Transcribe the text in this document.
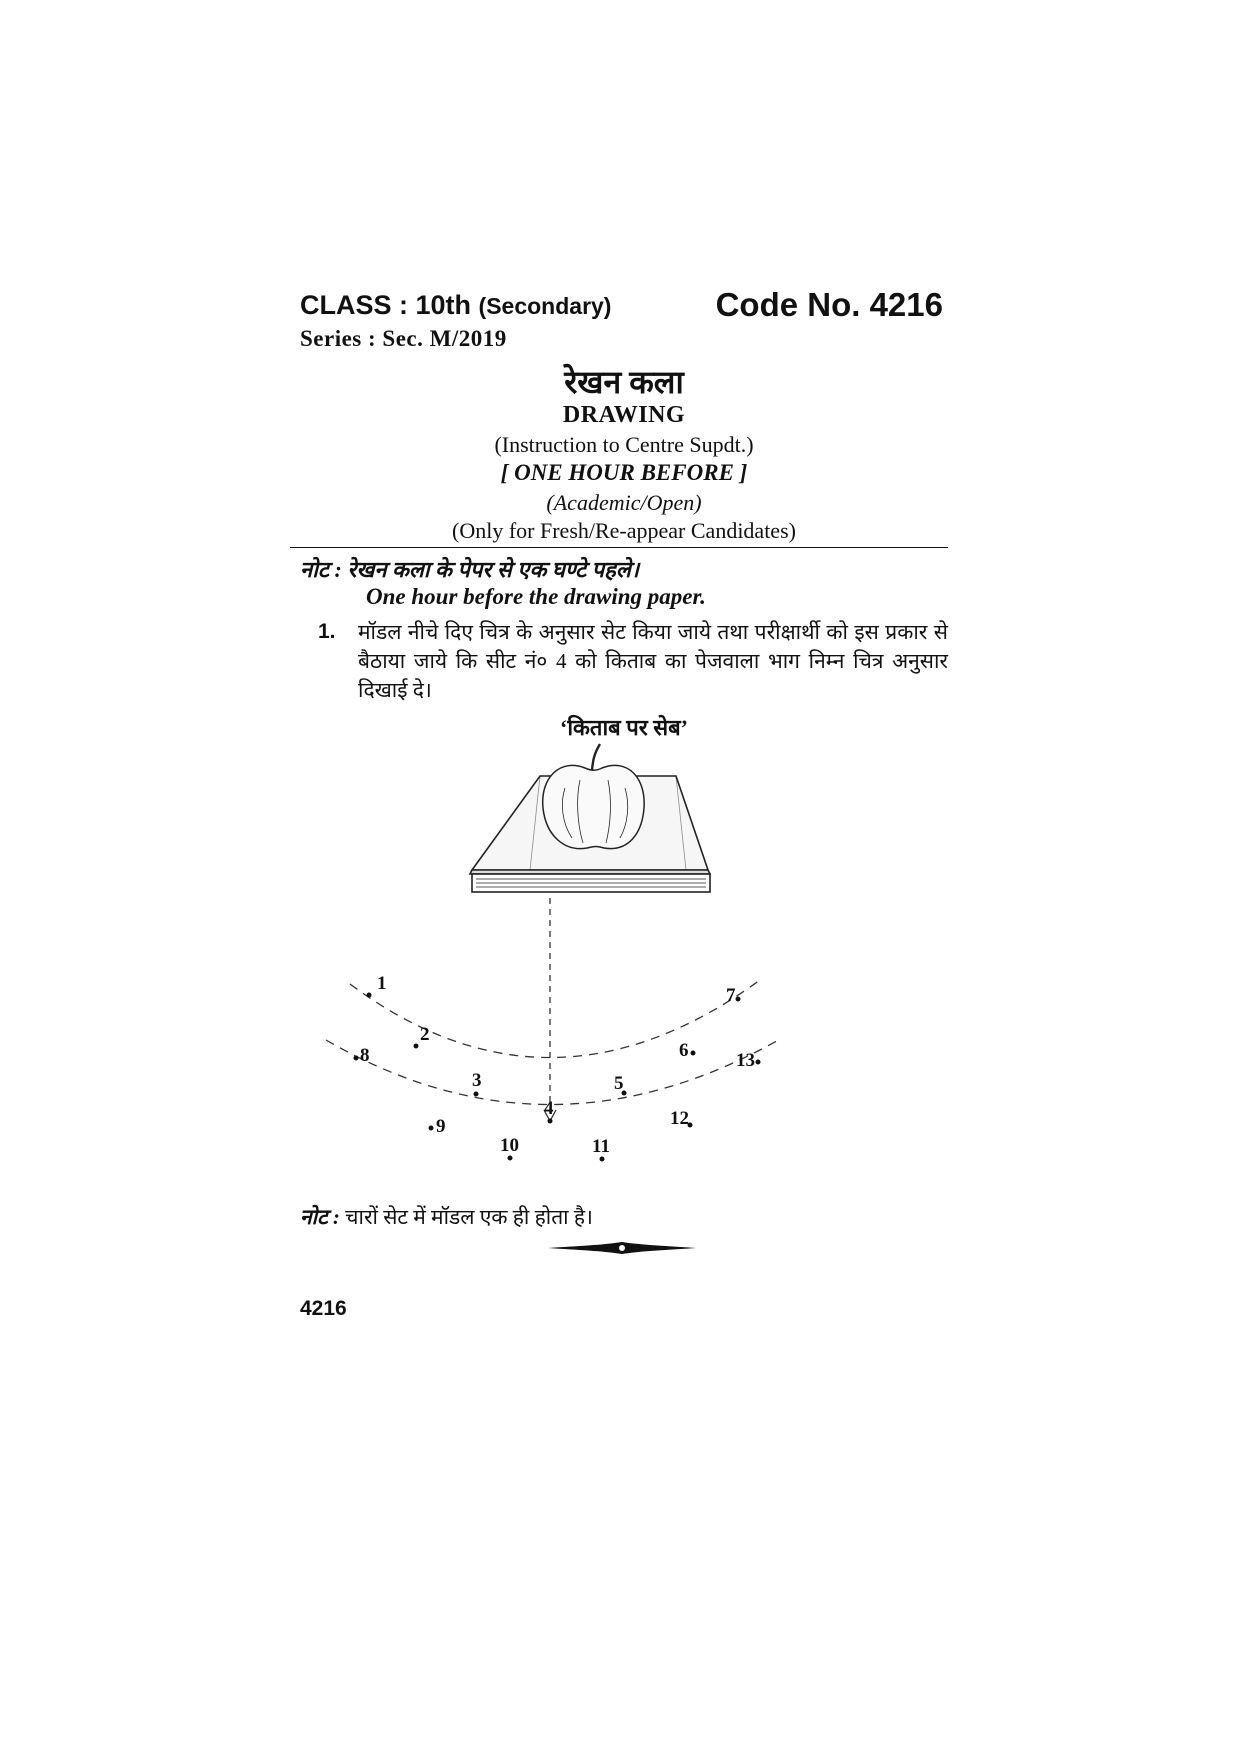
CLASS : 10th (Secondary)	Code No. 4216
Series : Sec. M/2019
रेखन कला
DRAWING
(Instruction to Centre Supdt.)
[ ONE HOUR BEFORE ]
(Academic/Open)
(Only for Fresh/Re-appear Candidates)
नोट : रेखन कला के पेपर से एक घण्टे पहले।
One hour before the drawing paper.
1. मॉडल नीचे दिए चित्र के अनुसार सेट किया जाये तथा परीक्षार्थी को इस प्रकार से बैठाया जाये कि सीट नं० 4 को किताब का पेजवाला भाग निम्न चित्र अनुसार दिखाई दे।
‘किताब पर सेब’
1
2
3
4
5
6
7
8
9
10	11
12
13
नोट : चारों सेट में मॉडल एक ही होता है।
4216
